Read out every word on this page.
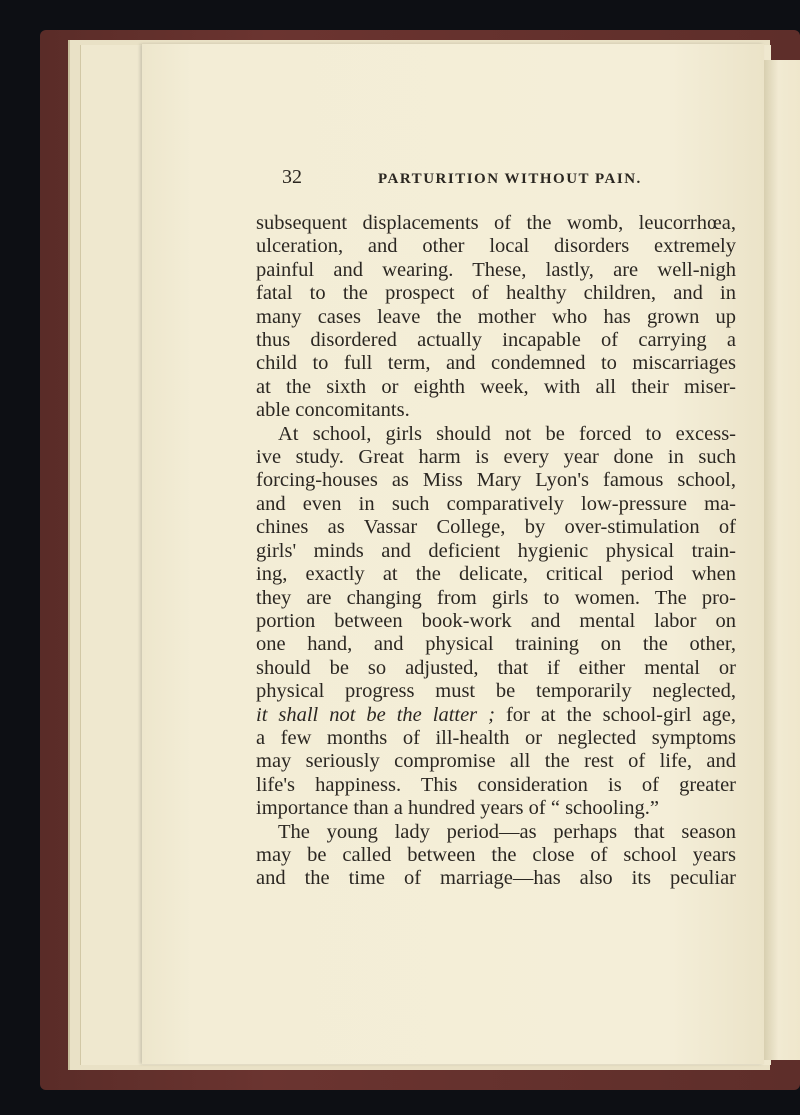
32	PARTURITION WITHOUT PAIN.
subsequent displacements of the womb, leucorrhœa,
ulceration, and other local disorders extremely
painful and wearing. These, lastly, are well-nigh
fatal to the prospect of healthy children, and in
many cases leave the mother who has grown up
thus disordered actually incapable of carrying a
child to full term, and condemned to miscarriages
at the sixth or eighth week, with all their miser-
able concomitants.
At school, girls should not be forced to excess-
ive study. Great harm is every year done in such
forcing-houses as Miss Mary Lyon's famous school,
and even in such comparatively low-pressure ma-
chines as Vassar College, by over-stimulation of
girls' minds and deficient hygienic physical train-
ing, exactly at the delicate, critical period when
they are changing from girls to women. The pro-
portion between book-work and mental labor on
one hand, and physical training on the other,
should be so adjusted, that if either mental or
physical progress must be temporarily neglected,
it shall not be the latter ; for at the school-girl age,
a few months of ill-health or neglected symptoms
may seriously compromise all the rest of life, and
life's happiness. This consideration is of greater
importance than a hundred years of “ schooling.”
The young lady period—as perhaps that season
may be called between the close of school years
and the time of marriage—has also its peculiar
